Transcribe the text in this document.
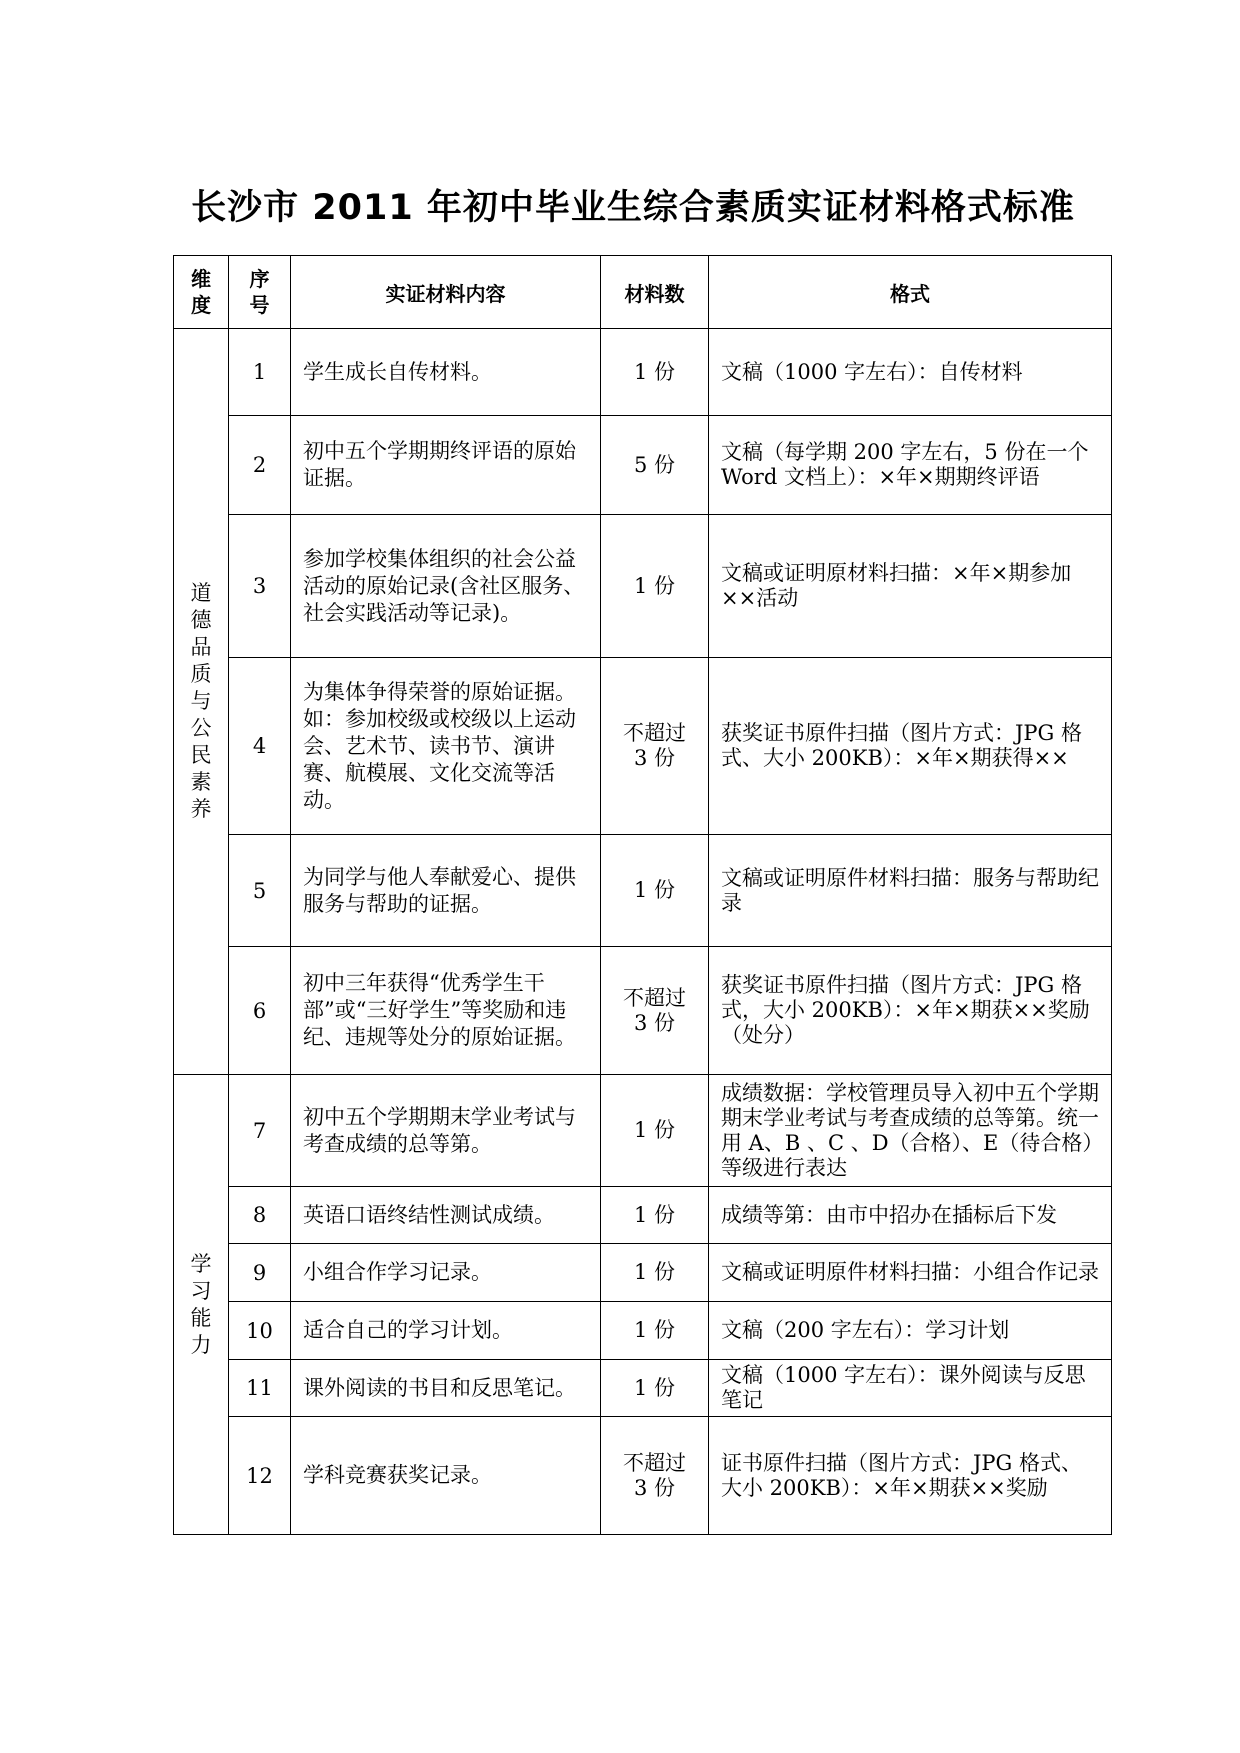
长沙市 2011 年初中毕业生综合素质实证材料格式标准
维度	序号	实证材料内容	材料数	格式
道德品质与公民素养	1	学生成长自传材料。	1 份	文稿（1000 字左右）：自传材料
	2	初中五个学期期终评语的原始证据。	5 份	文稿（每学期 200 字左右，5 份在一个 Word 文档上）：×年×期期终评语
	3	参加学校集体组织的社会公益活动的原始记录(含社区服务、社会实践活动等记录)。	1 份	文稿或证明原材料扫描：×年×期参加××活动
	4	为集体争得荣誉的原始证据。如：参加校级或校级以上运动会、艺术节、读书节、演讲赛、航模展、文化交流等活动。	不超过 3 份	获奖证书原件扫描（图片方式：JPG 格式、大小 200KB）：×年×期获得××
	5	为同学与他人奉献爱心、提供服务与帮助的证据。	1 份	文稿或证明原件材料扫描：服务与帮助纪录
	6	初中三年获得“优秀学生干部”或“三好学生”等奖励和违纪、违规等处分的原始证据。	不超过 3 份	获奖证书原件扫描（图片方式：JPG 格式，大小 200KB）：×年×期获××奖励（处分）
学习能力	7	初中五个学期期末学业考试与考查成绩的总等第。	1 份	成绩数据：学校管理员导入初中五个学期期末学业考试与考查成绩的总等第。统一用 A、B 、C 、D（合格）、E（待合格）等级进行表达
	8	英语口语终结性测试成绩。	1 份	成绩等第：由市中招办在插标后下发
	9	小组合作学习记录。	1 份	文稿或证明原件材料扫描：小组合作记录
	10	适合自己的学习计划。	1 份	文稿（200 字左右）：学习计划
	11	课外阅读的书目和反思笔记。	1 份	文稿（1000 字左右）：课外阅读与反思笔记
	12	学科竞赛获奖记录。	不超过 3 份	证书原件扫描（图片方式：JPG 格式、大小 200KB）：×年×期获××奖励
